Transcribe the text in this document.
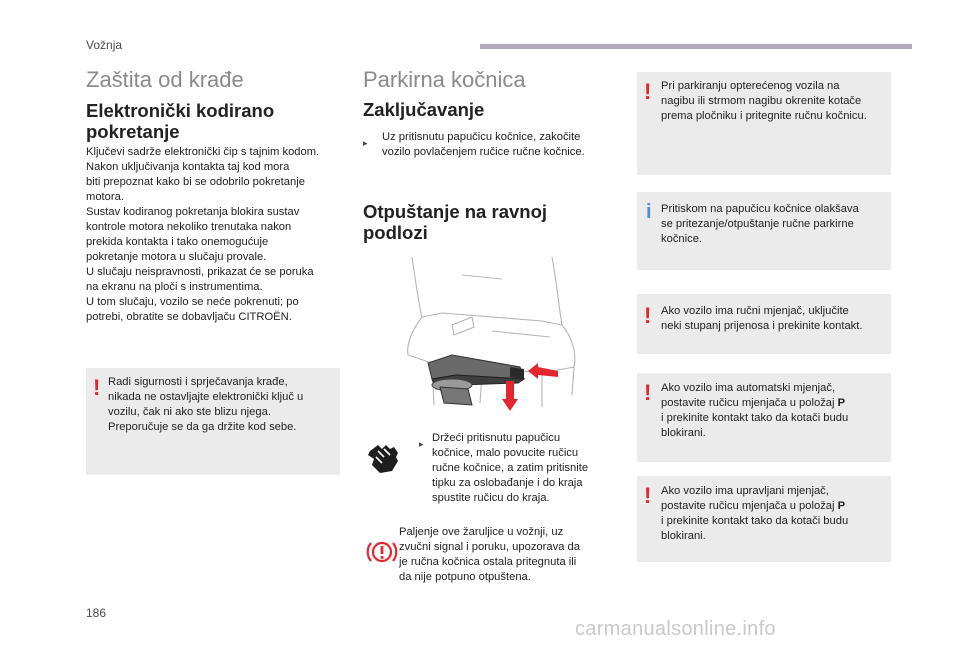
Vožnja
Zaštita od krađe
Elektronički kodirano pokretanje
Ključevi sadrže elektronički čip s tajnim kodom.
Nakon uključivanja kontakta taj kod mora
biti prepoznat kako bi se odobrilo pokretanje
motora.
Sustav kodiranog pokretanja blokira sustav
kontrole motora nekoliko trenutaka nakon
prekida kontakta i tako onemogućuje
pokretanje motora u slučaju provale.
U slučaju neispravnosti, prikazat će se poruka
na ekranu na ploči s instrumentima.
U tom slučaju, vozilo se neće pokrenuti; po
potrebi, obratite se dobavljaču CITROËN.
! Radi sigurnosti i sprječavanja krađe,
nikada ne ostavljajte elektronički ključ u
vozilu, čak ni ako ste blizu njega.
Preporučuje se da ga držite kod sebe.
Parkirna kočnica
Zaključavanje
▸ Uz pritisnutu papučicu kočnice, zakočite
vozilo povlačenjem ručice ručne kočnice.
Otpuštanje na ravnoj podlozi
▸ Držeći pritisnutu papučicu
kočnice, malo povucite ručicu
ručne kočnice, a zatim pritisnite
tipku za oslobađanje i do kraja
spustite ručicu do kraja.
Paljenje ove žaruljice u vožnji, uz
zvučni signal i poruku, upozorava da
je ručna kočnica ostala pritegnuta ili
da nije potpuno otpuštena.
! Pri parkiranju opterećenog vozila na
nagibu ili strmom nagibu okrenite kotače
prema pločniku i pritegnite ručnu kočnicu.
i Pritiskom na papučicu kočnice olakšava
se pritezanje/otpuštanje ručne parkirne
kočnice.
! Ako vozilo ima ručni mjenjač, uključite
neki stupanj prijenosa i prekinite kontakt.
! Ako vozilo ima automatski mjenjač,
postavite ručicu mjenjača u položaj P
i prekinite kontakt tako da kotači budu
blokirani.
! Ako vozilo ima upravljani mjenjač,
postavite ručicu mjenjača u položaj P
i prekinite kontakt tako da kotači budu
blokirani.
186
carmanualsonline.info
